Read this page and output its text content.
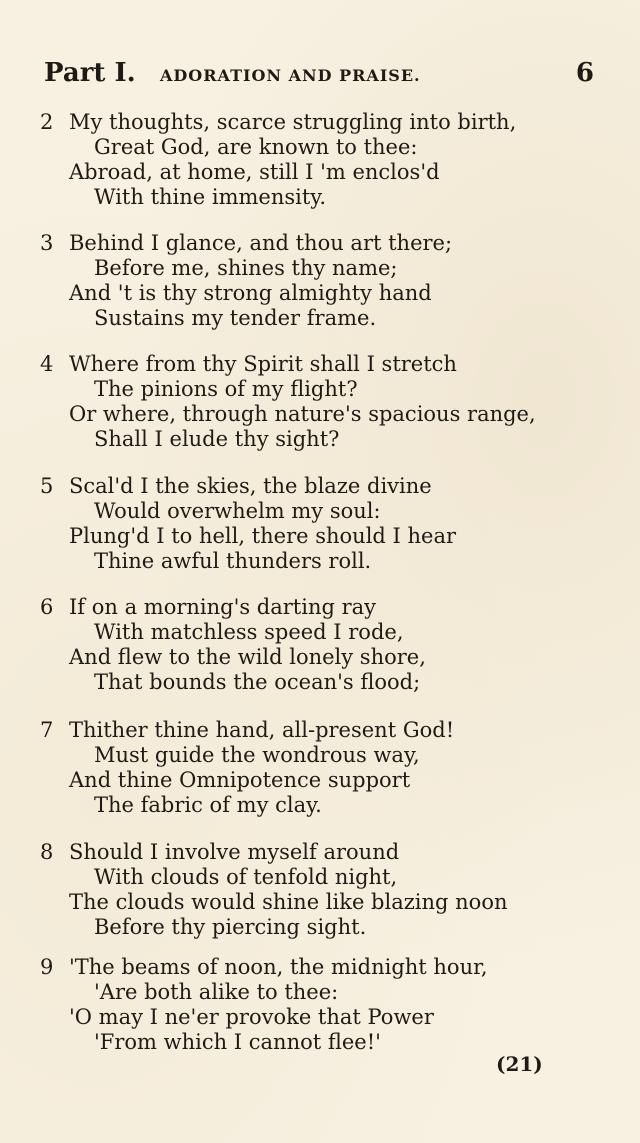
Part I. ADORATION AND PRAISE.	6
2 My thoughts, scarce struggling into birth,
Great God, are known to thee:
Abroad, at home, still I 'm enclos'd
With thine immensity.
3 Behind I glance, and thou art there;
Before me, shines thy name;
And 't is thy strong almighty hand
Sustains my tender frame.
4 Where from thy Spirit shall I stretch
The pinions of my flight?
Or where, through nature's spacious range,
Shall I elude thy sight?
5 Scal'd I the skies, the blaze divine
Would overwhelm my soul:
Plung'd I to hell, there should I hear
Thine awful thunders roll.
6 If on a morning's darting ray
With matchless speed I rode,
And flew to the wild lonely shore,
That bounds the ocean's flood;
7 Thither thine hand, all-present God!
Must guide the wondrous way,
And thine Omnipotence support
The fabric of my clay.
8 Should I involve myself around
With clouds of tenfold night,
The clouds would shine like blazing noon
Before thy piercing sight.
9 'The beams of noon, the midnight hour,
'Are both alike to thee:
'O may I ne'er provoke that Power
'From which I cannot flee!'
(21)
